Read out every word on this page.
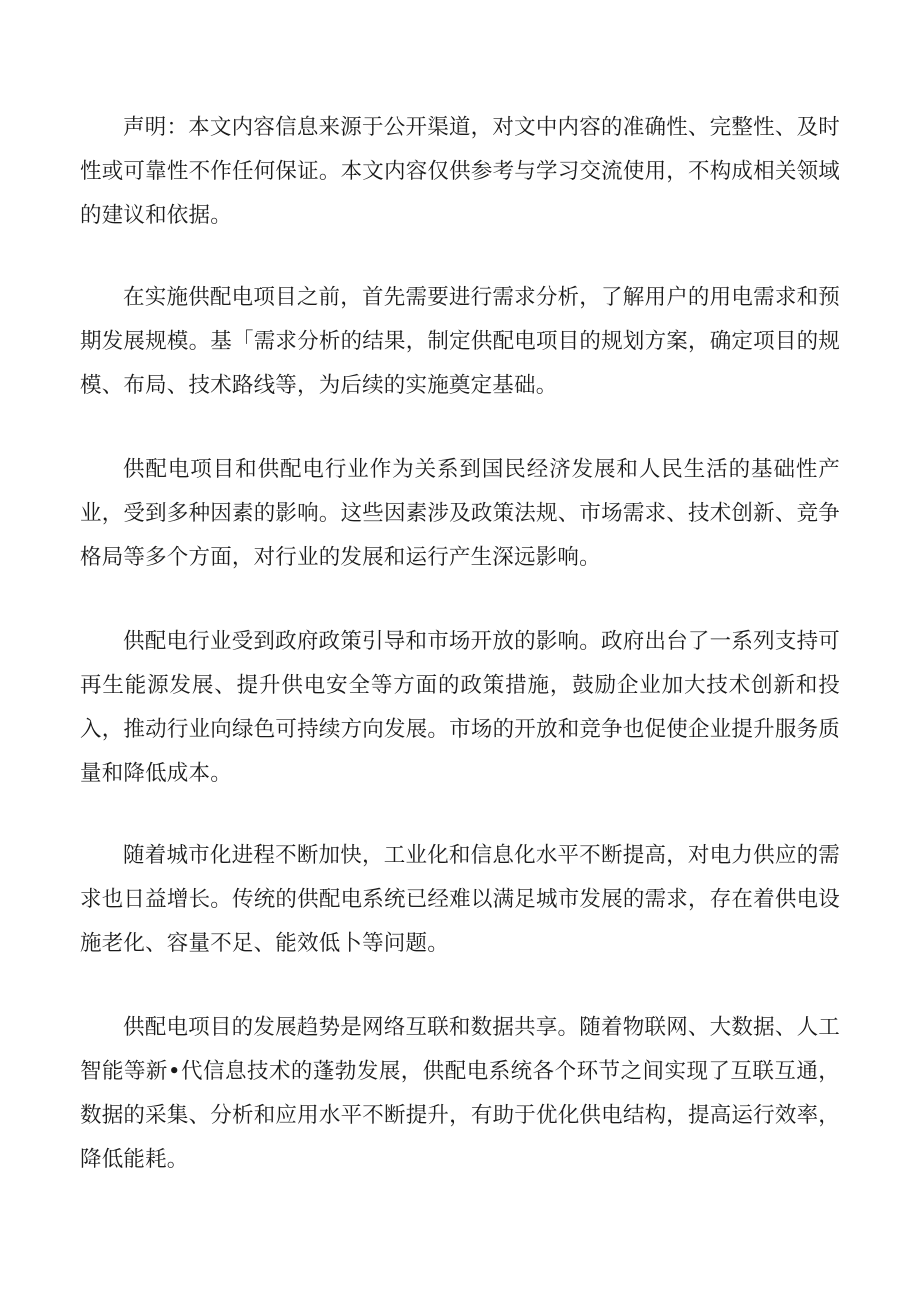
声明：本文内容信息来源于公开渠道，对文中内容的准确性、完整性、及时性或可靠性不作任何保证。本文内容仅供参考与学习交流使用，不构成相关领域的建议和依据。

在实施供配电项目之前，首先需要进行需求分析，了解用户的用电需求和预期发展规模。基「需求分析的结果，制定供配电项目的规划方案，确定项目的规模、布局、技术路线等，为后续的实施奠定基础。

供配电项目和供配电行业作为关系到国民经济发展和人民生活的基础性产业，受到多种因素的影响。这些因素涉及政策法规、市场需求、技术创新、竞争格局等多个方面，对行业的发展和运行产生深远影响。

供配电行业受到政府政策引导和市场开放的影响。政府出台了一系列支持可再生能源发展、提升供电安全等方面的政策措施，鼓励企业加大技术创新和投入，推动行业向绿色可持续方向发展。市场的开放和竞争也促使企业提升服务质量和降低成本。

随着城市化进程不断加快，工业化和信息化水平不断提高，对电力供应的需求也日益增长。传统的供配电系统已经难以满足城市发展的需求，存在着供电设施老化、容量不足、能效低卜等问题。

供配电项目的发展趋势是网络互联和数据共享。随着物联网、大数据、人工智能等新•代信息技术的蓬勃发展，供配电系统各个环节之间实现了互联互通，数据的采集、分析和应用水平不断提升，有助于优化供电结构，提高运行效率，降低能耗。
